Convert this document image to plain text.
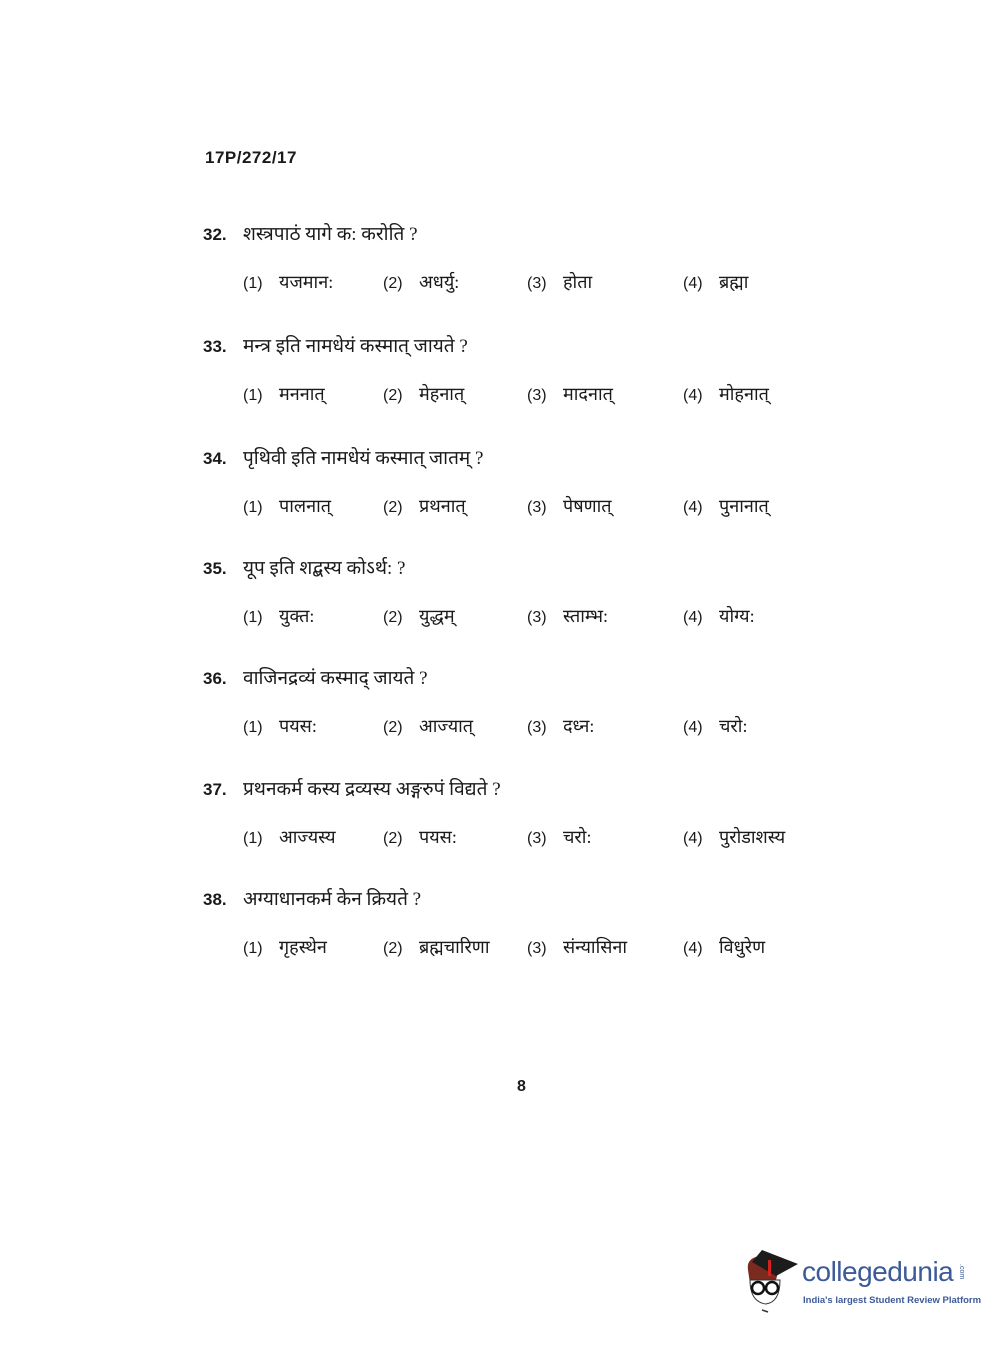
17P/272/17
32. शस्त्रपाठं यागे क: करोति ?
(1) यजमान:	(2) अधर्यु:	(3) होता	(4) ब्रह्मा
33. मन्त्र इति नामधेयं कस्मात् जायते ?
(1) मननात्	(2) मेहनात्	(3) मादनात्	(4) मोहनात्
34. पृथिवी इति नामधेयं कस्मात् जातम् ?
(1) पालनात्	(2) प्रथनात्	(3) पेषणात्	(4) पुनानात्
35. यूप इति शद्बस्य कोऽर्थ: ?
(1) युक्त:	(2) युद्धम्	(3) स्ताम्भ:	(4) योग्य:
36. वाजिनद्रव्यं कस्माद् जायते ?
(1) पयस:	(2) आज्यात्	(3) दध्न:	(4) चरो:
37. प्रथनकर्म कस्य द्रव्यस्य अङ्गरुपं विद्यते ?
(1) आज्यस्य	(2) पयस:	(3) चरो:	(4) पुरोडाशस्य
38. अग्याधानकर्म केन क्रियते ?
(1) गृहस्थेन	(2) ब्रह्मचारिणा (3) संन्यासिना	(4) विधुरेण
8
collegedunia .com
India's largest Student Review Platform
